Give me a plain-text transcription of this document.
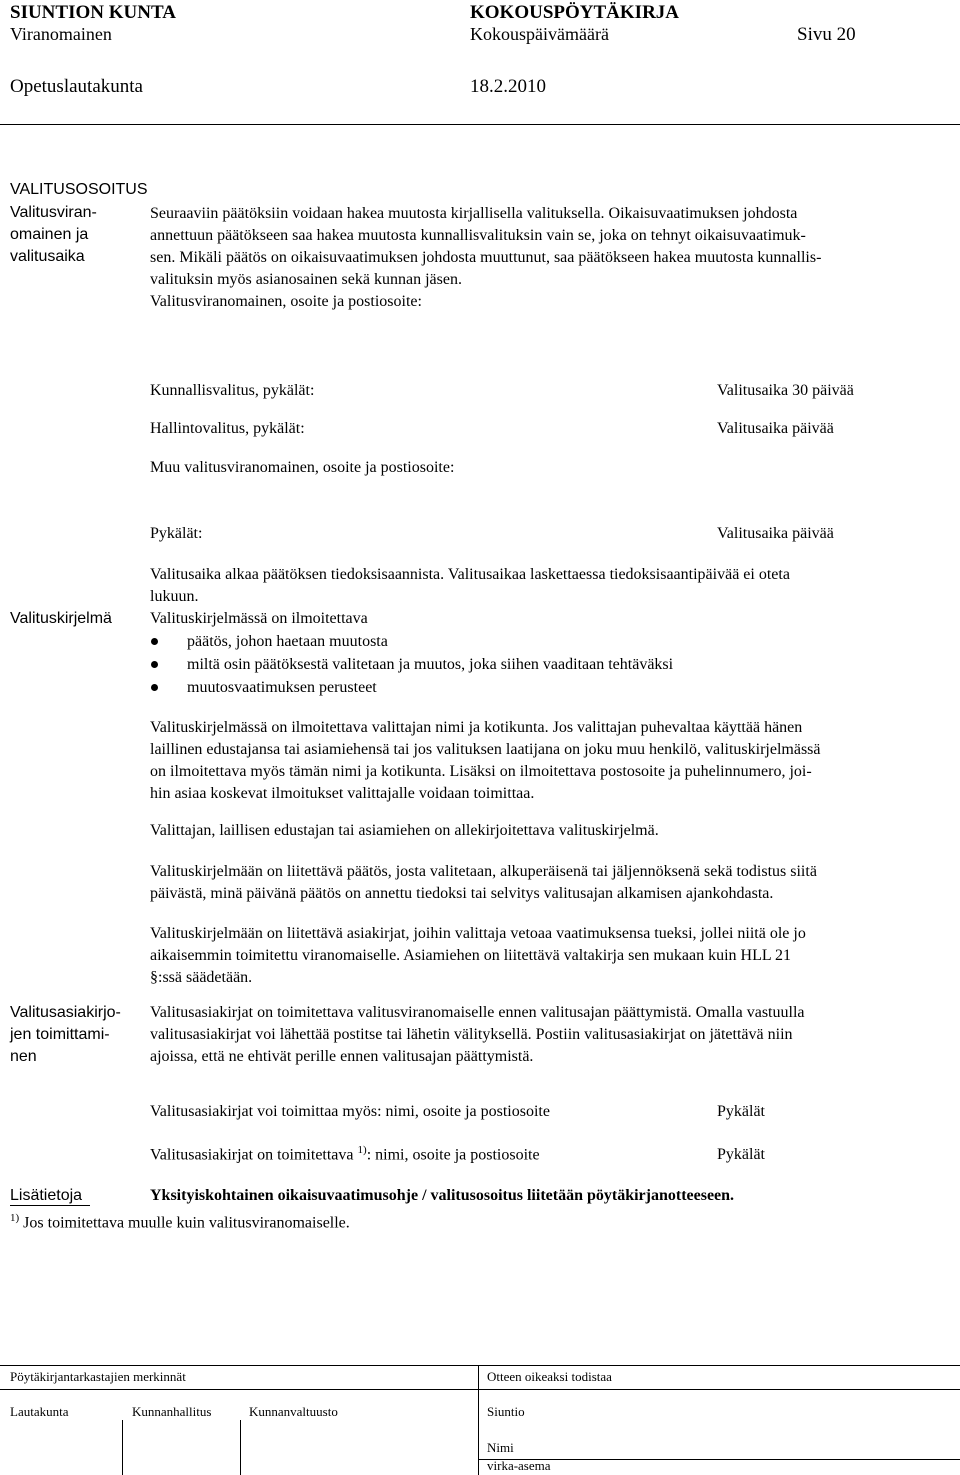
SIUNTION KUNTA	KOKOUSPÖYTÄKIRJA
Viranomainen	Kokouspäivämäärä	Sivu 20
Opetuslautakunta	18.2.2010
VALITUSOSOITUS
Valitusviran-
omainen ja
valitusaika
Seuraaviin päätöksiin voidaan hakea muutosta kirjallisella valituksella. Oikaisuvaatimuksen johdosta
annettuun päätökseen saa hakea muutosta kunnallisvalituksin vain se, joka on tehnyt oikaisuvaatimuk-
sen. Mikäli päätös on oikaisuvaatimuksen johdosta muuttunut, saa päätökseen hakea muutosta kunnallis-
valituksin myös asianosainen sekä kunnan jäsen.
Valitusviranomainen, osoite ja postiosoite:
Kunnallisvalitus, pykälät:	Valitusaika 30 päivää
Hallintovalitus, pykälät:	Valitusaika päivää
Muu valitusviranomainen, osoite ja postiosoite:
Pykälät:	Valitusaika päivää
Valitusaika alkaa päätöksen tiedoksisaannista. Valitusaikaa laskettaessa tiedoksisaantipäivää ei oteta
lukuun.
Valituskirjelmä Valituskirjelmässä on ilmoitettava
päätös, johon haetaan muutosta
miltä osin päätöksestä valitetaan ja muutos, joka siihen vaaditaan tehtäväksi
muutosvaatimuksen perusteet
Valituskirjelmässä on ilmoitettava valittajan nimi ja kotikunta. Jos valittajan puhevaltaa käyttää hänen
laillinen edustajansa tai asiamiehensä tai jos valituksen laatijana on joku muu henkilö, valituskirjelmässä
on ilmoitettava myös tämän nimi ja kotikunta. Lisäksi on ilmoitettava postosoite ja puhelinnumero, joi-
hin asiaa koskevat ilmoitukset valittajalle voidaan toimittaa.
Valittajan, laillisen edustajan tai asiamiehen on allekirjoitettava valituskirjelmä.
Valituskirjelmään on liitettävä päätös, josta valitetaan, alkuperäisenä tai jäljennöksenä sekä todistus siitä
päivästä, minä päivänä päätös on annettu tiedoksi tai selvitys valitusajan alkamisen ajankohdasta.
Valituskirjelmään on liitettävä asiakirjat, joihin valittaja vetoaa vaatimuksensa tueksi, jollei niitä ole jo
aikaisemmin toimitettu viranomaiselle. Asiamiehen on liitettävä valtakirja sen mukaan kuin HLL 21
§:ssä säädetään.
Valitusasiakirjo-
jen toimittami-
nen
Valitusasiakirjat on toimitettava valitusviranomaiselle ennen valitusajan päättymistä. Omalla vastuulla
valitusasiakirjat voi lähettää postitse tai lähetin välityksellä. Postiin valitusasiakirjat on jätettävä niin
ajoissa, että ne ehtivät perille ennen valitusajan päättymistä.
Valitusasiakirjat voi toimittaa myös: nimi, osoite ja postiosoite	Pykälät
Valitusasiakirjat on toimitettava $^{1)}$: nimi, osoite ja postiosoite	Pykälät
Lisätietoja	Yksityiskohtainen oikaisuvaatimusohje / valitusosoitus liitetään pöytäkirjanotteeseen.
$^{1)}$ Jos toimitettava muulle kuin valitusviranomaiselle.
Pöytäkirjantarkastajien merkinnät	Otteen oikeaksi todistaa
Lautakunta	Kunnanhallitus	Kunnanvaltuusto	Siuntio
Nimi
virka-asema
